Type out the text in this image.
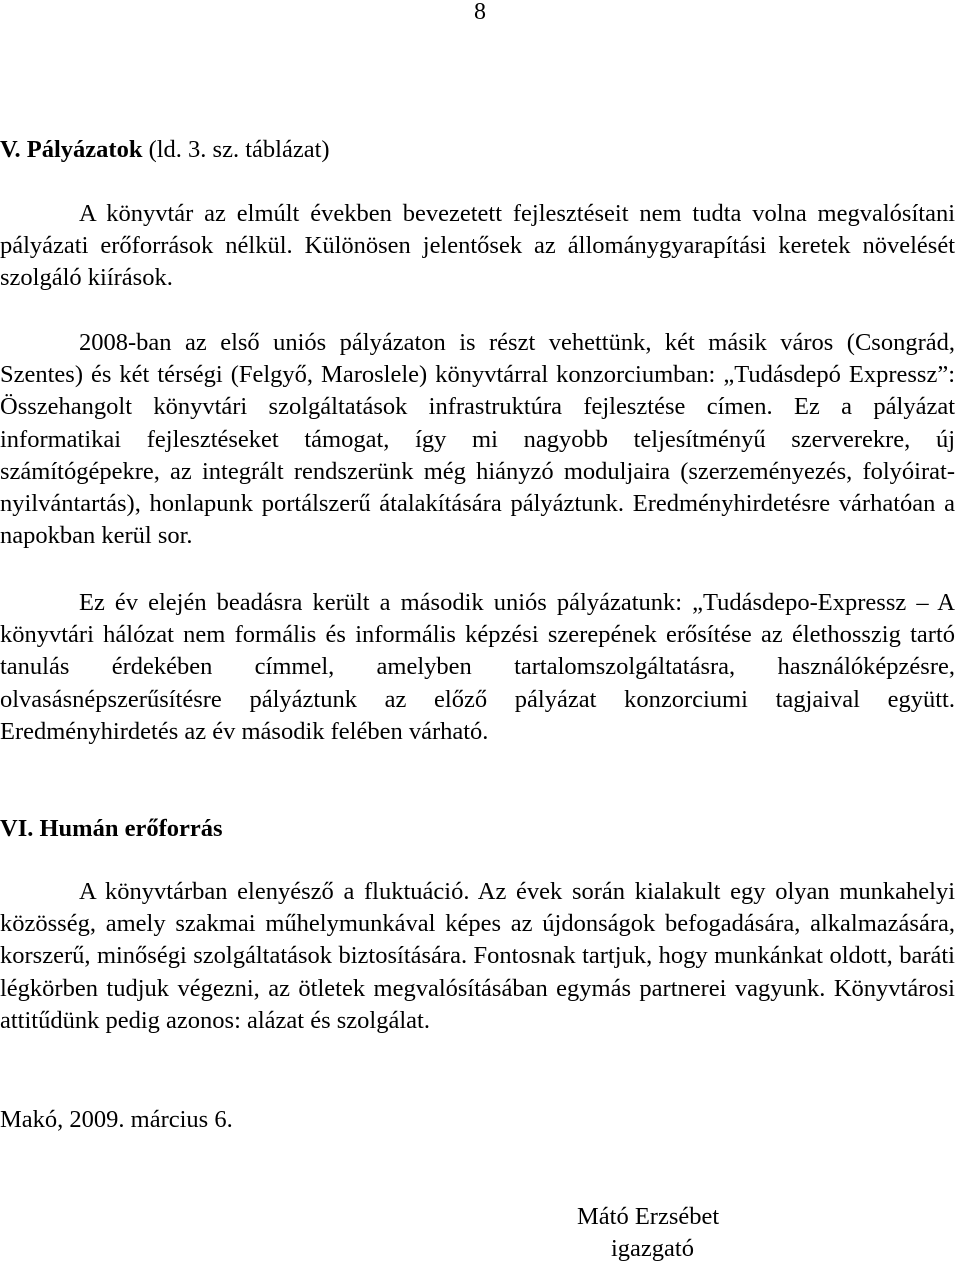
8
V. Pályázatok (ld. 3. sz. táblázat)

A könyvtár az elmúlt években bevezetett fejlesztéseit nem tudta volna megvalósítani pályázati erőforrások nélkül. Különösen jelentősek az állománygyarapítási keretek növelését szolgáló kiírások.

2008-ban az első uniós pályázaton is részt vehettünk, két másik város (Csongrád, Szentes) és két térségi (Felgyő, Maroslele) könyvtárral konzorciumban: „Tudásdepó Expressz”: Összehangolt könyvtári szolgáltatások infrastruktúra fejlesztése címen. Ez a pályázat informatikai fejlesztéseket támogat, így mi nagyobb teljesítményű szerverekre, új számítógépekre, az integrált rendszerünk még hiányzó moduljaira (szerzeményezés, folyóirat-nyilvántartás), honlapunk portálszerű átalakítására pályáztunk. Eredményhirdetésre várhatóan a napokban kerül sor.

Ez év elején beadásra került a második uniós pályázatunk: „Tudásdepo-Expressz – A könyvtári hálózat nem formális és informális képzési szerepének erősítése az élethosszig tartó tanulás érdekében címmel, amelyben tartalomszolgáltatásra, használóképzésre, olvasásnépszerűsítésre pályáztunk az előző pályázat konzorciumi tagjaival együtt. Eredményhirdetés az év második felében várható.

VI. Humán erőforrás

A könyvtárban elenyésző a fluktuáció. Az évek során kialakult egy olyan munkahelyi közösség, amely szakmai műhelymunkával képes az újdonságok befogadására, alkalmazására, korszerű, minőségi szolgáltatások biztosítására. Fontosnak tartjuk, hogy munkánkat oldott, baráti légkörben tudjuk végezni, az ötletek megvalósításában egymás partnerei vagyunk. Könyvtárosi attitűdünk pedig azonos: alázat és szolgálat.

Makó, 2009. március 6.
Mátó Erzsébet
igazgató
